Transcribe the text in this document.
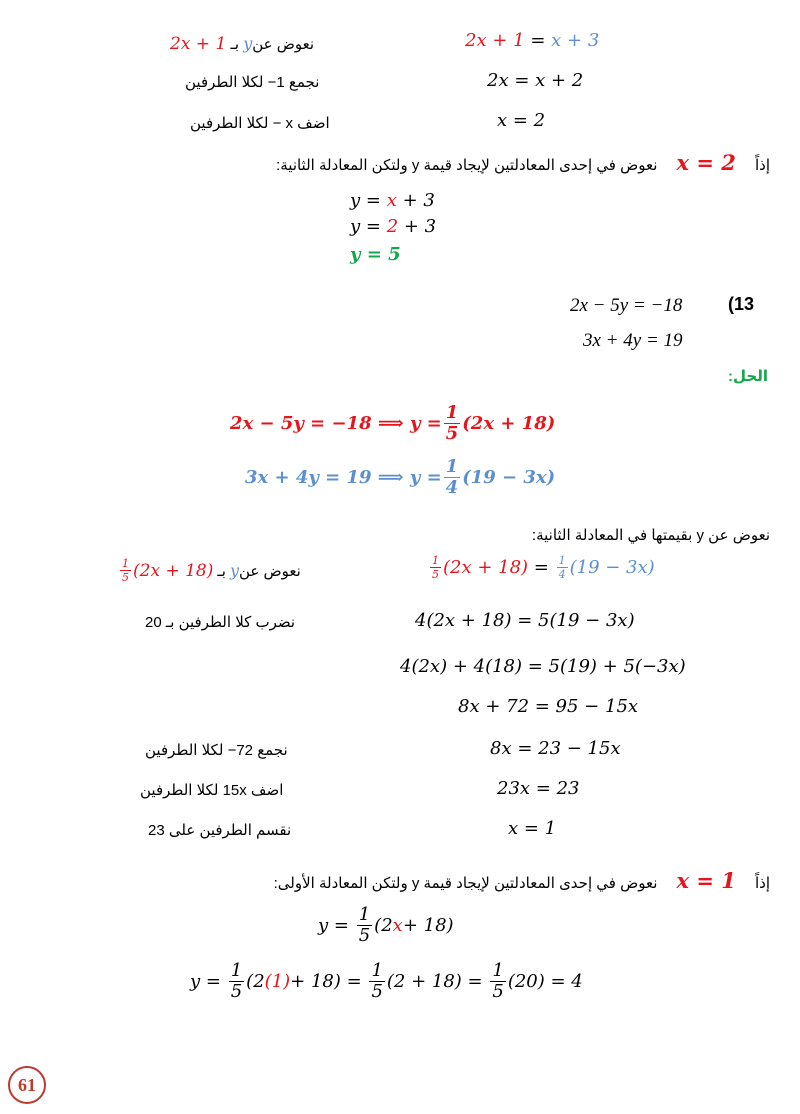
2x + 1 = x + 3
نعوض عنy بـ 2x + 1
2x = x + 2
نجمع 1− لكلا الطرفين
x = 2
اضف x − لكلا الطرفين
إذاً x = 2 نعوض في إحدى المعادلتين لإيجاد قيمة y ولتكن المعادلة الثانية:
y = x + 3
y = 2 + 3
y = 5
2x − 5y = −18	(13
3x + 4y = 19
الحل:
2x − 5y = −18 ⟹ $y = \frac{1}{5} (2x + 18)$
3x + 4y = 19 ⟹ $y = \frac{1}{4} (19 - 3x)$
نعوض عن y بقيمتها في المعادلة الثانية:
$\frac{1}{5} (2x + 18) = \frac{1}{4} (19 - 3x)$
نعوض عن
y
بـ
$\frac{1}{5} (2x + 18)$
4(2x + 18) = 5(19 − 3x)
نضرب كلا الطرفين بـ 20
4(2x) + 4(18) = 5(19) + 5(−3x)
8x + 72 = 95 − 15x
8x = 23 − 15x
نجمع 72− لكلا الطرفين
23x = 23
اضف 15x لكلا الطرفين
x = 1
نقسم الطرفين على 23
إذاً x = 1 نعوض في إحدى المعادلتين لإيجاد قيمة y ولتكن المعادلة الأولى:
y =
$\frac{1}{5} (2$ x + 18)
y =
$\frac{1}{5} (2$ (1) + 18) =
$\frac{1}{5} (2 + 18)$ =
$\frac{1}{5} (20) = 4$
61
